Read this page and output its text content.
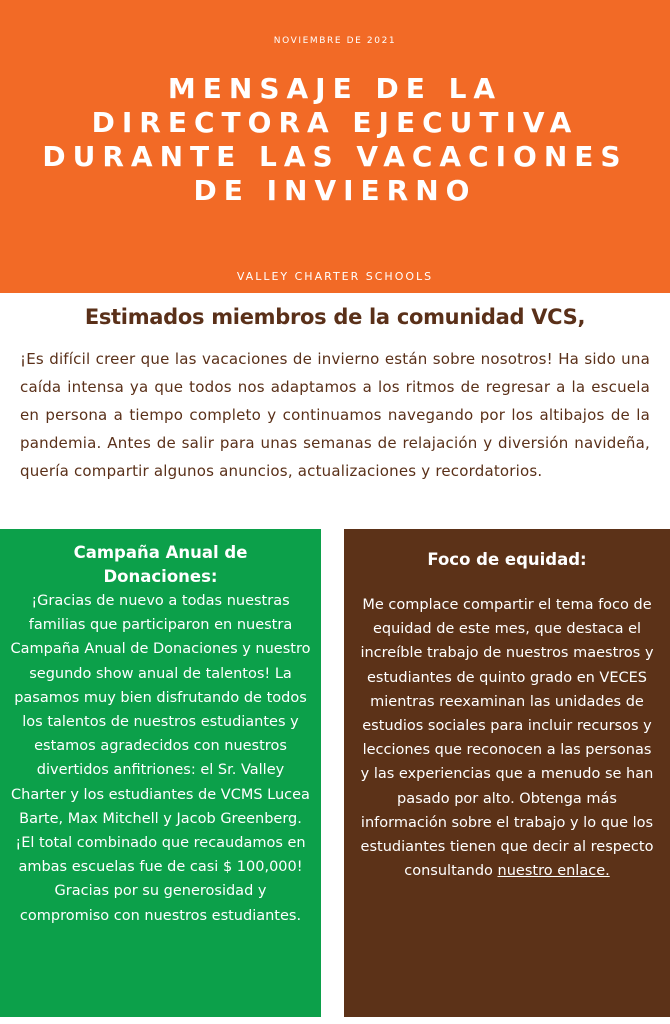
NOVIEMBRE DE 2021
MENSAJE DE LA DIRECTORA EJECUTIVA DURANTE LAS VACACIONES DE INVIERNO
VALLEY CHARTER SCHOOLS
Estimados miembros de la comunidad VCS,

¡Es difícil creer que las vacaciones de invierno están sobre nosotros! Ha sido una caída intensa ya que todos nos adaptamos a los ritmos de regresar a la escuela en persona a tiempo completo y continuamos navegando por los altibajos de la pandemia. Antes de salir para unas semanas de relajación y diversión navideña, quería compartir algunos anuncios, actualizaciones y recordatorios.

Campaña Anual de Donaciones:
¡Gracias de nuevo a todas nuestras familias que participaron en nuestra Campaña Anual de Donaciones y nuestro segundo show anual de talentos! La pasamos muy bien disfrutando de todos los talentos de nuestros estudiantes y estamos agradecidos con nuestros divertidos anfitriones: el Sr. Valley Charter y los estudiantes de VCMS Lucea Barte, Max Mitchell y Jacob Greenberg. ¡El total combinado que recaudamos en ambas escuelas fue de casi $ 100,000! Gracias por su generosidad y compromiso con nuestros estudiantes.
Foco de equidad:
Me complace compartir el tema foco de equidad de este mes, que destaca el increíble trabajo de nuestros maestros y estudiantes de quinto grado en VECES mientras reexaminan las unidades de estudios sociales para incluir recursos y lecciones que reconocen a las personas y las experiencias que a menudo se han pasado por alto. Obtenga más información sobre el trabajo y lo que los estudiantes tienen que decir al respecto consultando nuestro enlace.
